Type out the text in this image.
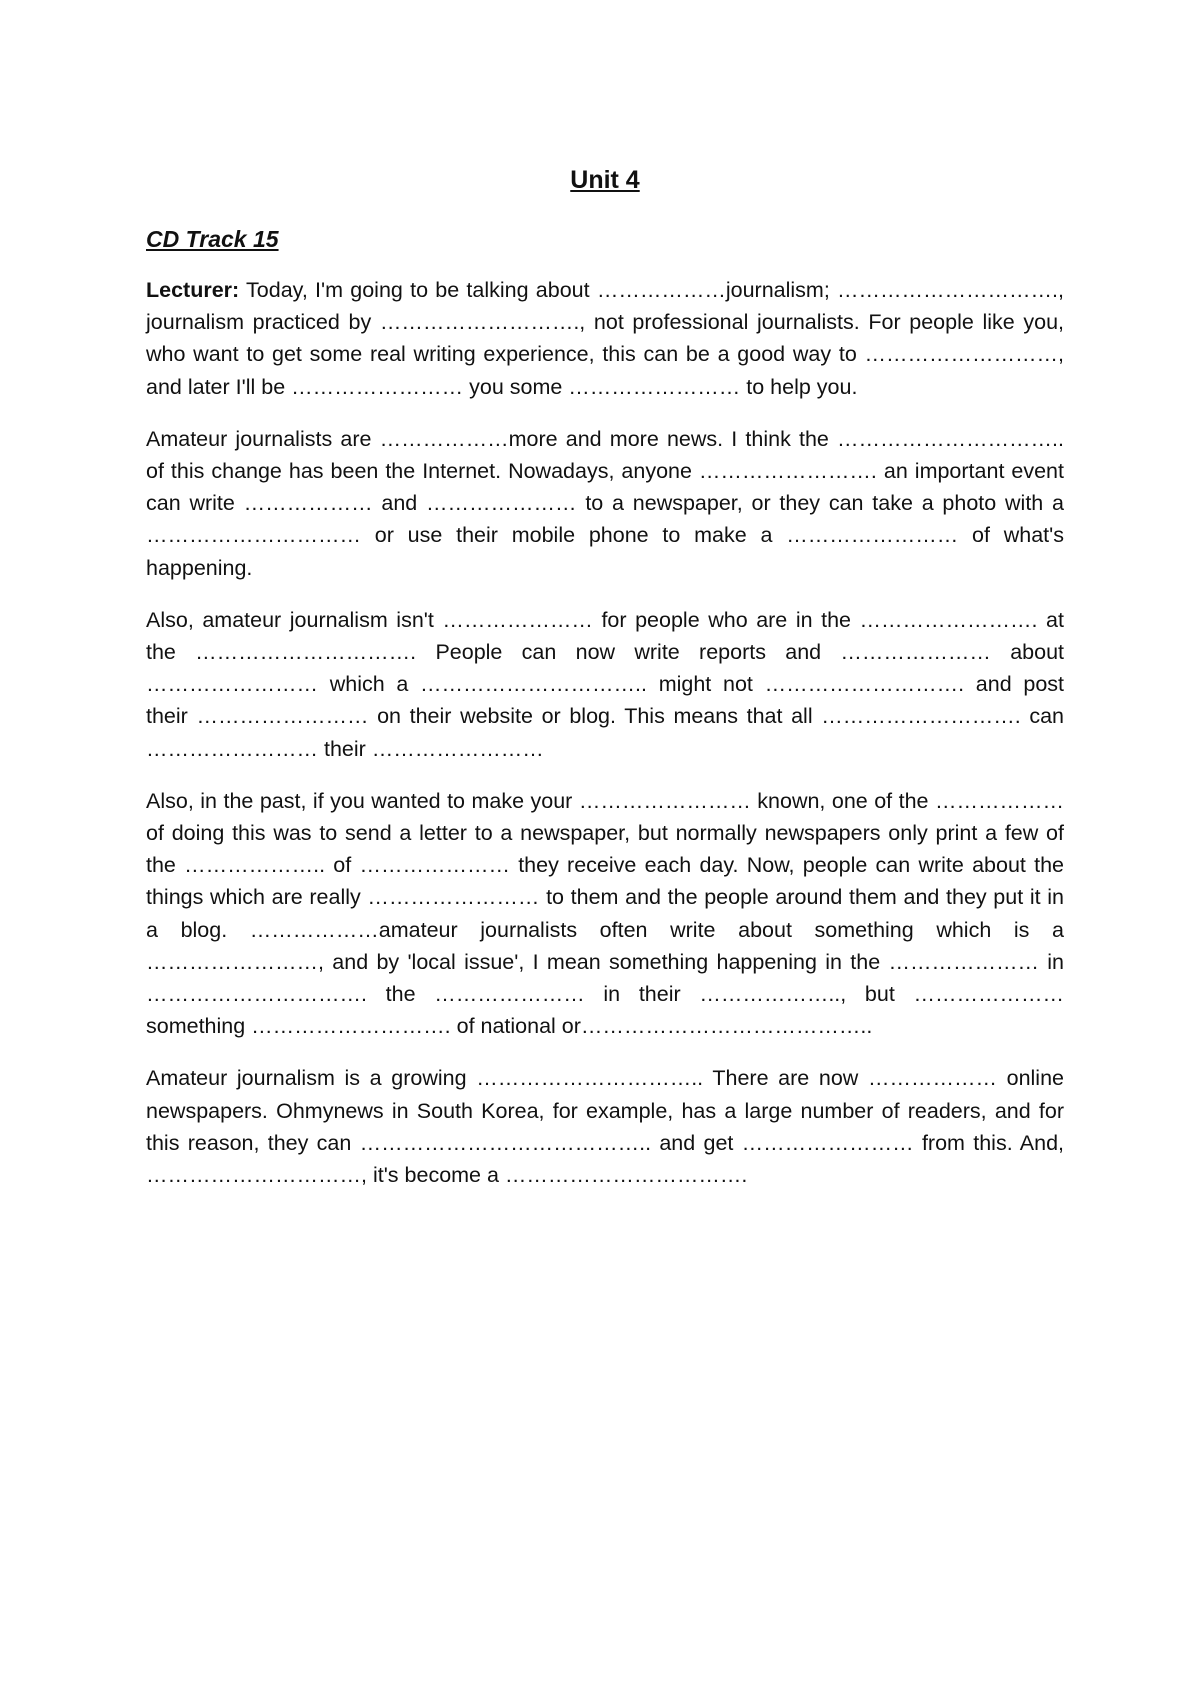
Unit 4
CD Track 15

Lecturer: Today, I'm going to be talking about ………………journalism; …………………………., journalism practiced by ………………………., not professional journalists. For people like you, who want to get some real writing experience, this can be a good way to ………………………, and later I'll be …………………… you some …………………… to help you.

Amateur journalists are ………………more and more news. I think the ………………………….. of this change has been the Internet. Nowadays, anyone ……………………. an important event can write ……………… and ………………… to a newspaper, or they can take a photo with a ………………………… or use their mobile phone to make a …………………… of what's happening.

Also, amateur journalism isn't ………………… for people who are in the ……………………. at the …………………………. People can now write reports and ………………… about …………………… which a ………………………….. might not ………………………. and post their …………………… on their website or blog. This means that all ………………………. can …………………… their ……………………

Also, in the past, if you wanted to make your …………………… known, one of the ……………… of doing this was to send a letter to a newspaper, but normally newspapers only print a few of the ……………….. of ………………… they receive each day. Now, people can write about the things which are really …………………… to them and the people around them and they put it in a blog. ………………amateur journalists often write about something which is a ……………………, and by 'local issue', I mean something happening in the ………………… in …………………………. the ………………… in their ……………….., but ………………… something ………………………. of national or…………………………………..

Amateur journalism is a growing ………………………….. There are now ……………… online newspapers. Ohmynews in South Korea, for example, has a large number of readers, and for this reason, they can ………………………………….. and get …………………… from this. And, …………………………, it's become a …………………………….
